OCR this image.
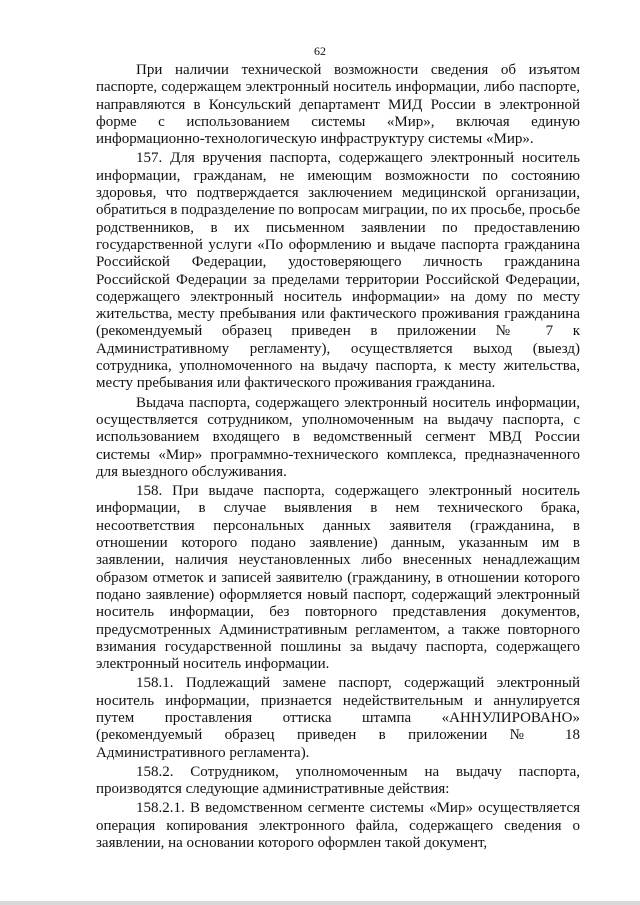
62

При наличии технической возможности сведения об изъятом паспорте, содержащем электронный носитель информации, либо паспорте, направляются в Консульский департамент МИД России в электронной форме с использованием системы «Мир», включая единую информационно-технологическую инфраструктуру системы «Мир».

157. Для вручения паспорта, содержащего электронный носитель информации, гражданам, не имеющим возможности по состоянию здоровья, что подтверждается заключением медицинской организации, обратиться в подразделение по вопросам миграции, по их просьбе, просьбе родственников, в их письменном заявлении по предоставлению государственной услуги «По оформлению и выдаче паспорта гражданина Российской Федерации, удостоверяющего личность гражданина Российской Федерации за пределами территории Российской Федерации, содержащего электронный носитель информации» на дому по месту жительства, месту пребывания или фактического проживания гражданина (рекомендуемый образец приведен в приложении № 7 к Административному регламенту), осуществляется выход (выезд) сотрудника, уполномоченного на выдачу паспорта, к месту жительства, месту пребывания или фактического проживания гражданина.

Выдача паспорта, содержащего электронный носитель информации, осуществляется сотрудником, уполномоченным на выдачу паспорта, с использованием входящего в ведомственный сегмент МВД России системы «Мир» программно-технического комплекса, предназначенного для выездного обслуживания.

158. При выдаче паспорта, содержащего электронный носитель информации, в случае выявления в нем технического брака, несоответствия персональных данных заявителя (гражданина, в отношении которого подано заявление) данным, указанным им в заявлении, наличия неустановленных либо внесенных ненадлежащим образом отметок и записей заявителю (гражданину, в отношении которого подано заявление) оформляется новый паспорт, содержащий электронный носитель информации, без повторного представления документов, предусмотренных Административным регламентом, а также повторного взимания государственной пошлины за выдачу паспорта, содержащего электронный носитель информации.

158.1. Подлежащий замене паспорт, содержащий электронный носитель информации, признается недействительным и аннулируется путем проставления оттиска штампа «АННУЛИРОВАНО» (рекомендуемый образец приведен в приложении № 18 Административного регламента).

158.2. Сотрудником, уполномоченным на выдачу паспорта, производятся следующие административные действия:

158.2.1. В ведомственном сегменте системы «Мир» осуществляется операция копирования электронного файла, содержащего сведения о заявлении, на основании которого оформлен такой документ,
